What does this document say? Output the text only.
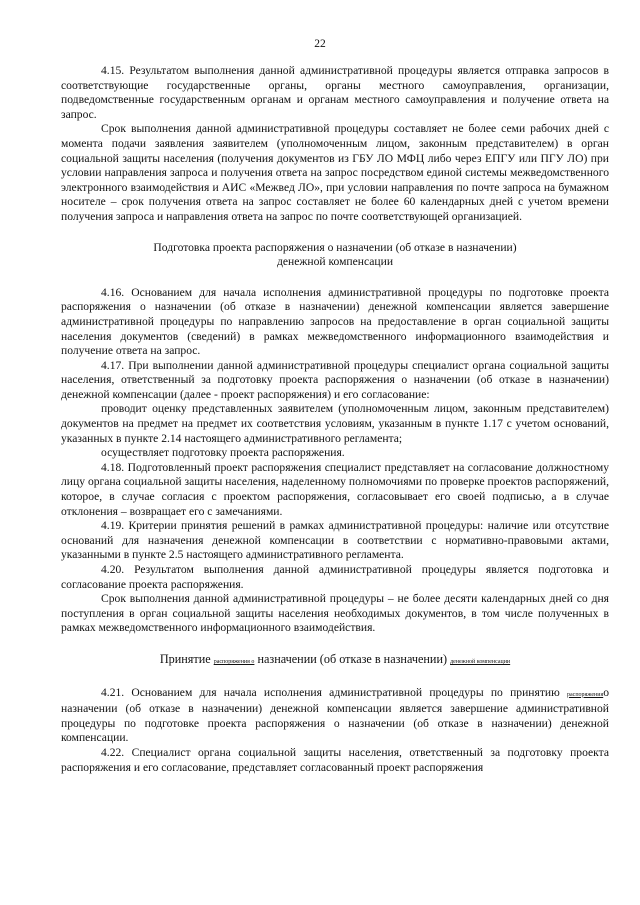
22

4.15. Результатом выполнения данной административной процедуры является отправка запросов в соответствующие государственные органы, органы местного самоуправления, организации, подведомственные государственным органам и органам местного самоуправления и получение ответа на запрос.

Срок выполнения данной административной процедуры составляет не более семи рабочих дней с момента подачи заявления заявителем (уполномоченным лицом, законным представителем) в орган социальной защиты населения (получения документов из ГБУ ЛО МФЦ либо через ЕПГУ или ПГУ ЛО) при условии направления запроса и получения ответа на запрос посредством единой системы межведомственного электронного взаимодействия и АИС «Межвед ЛО», при условии направления по почте запроса на бумажном носителе – срок получения ответа на запрос составляет не более 60 календарных дней с учетом времени получения запроса и направления ответа на запрос по почте соответствующей организацией.

Подготовка проекта распоряжения о назначении (об отказе в назначении)

денежной компенсации

4.16. Основанием для начала исполнения административной процедуры по подготовке проекта распоряжения о назначении (об отказе в назначении) денежной компенсации является завершение административной процедуры по направлению запросов на предоставление в орган социальной защиты населения документов (сведений) в рамках межведомственного информационного взаимодействия и получение ответа на запрос.

4.17. При выполнении данной административной процедуры специалист органа социальной защиты населения, ответственный за подготовку проекта распоряжения о назначении (об отказе в назначении) денежной компенсации (далее - проект распоряжения) и его согласование:

проводит оценку представленных заявителем (уполномоченным лицом, законным представителем) документов на предмет на предмет их соответствия условиям, указанным в пункте 1.17 с учетом оснований, указанных в пункте 2.14 настоящего административного регламента;

осуществляет подготовку проекта распоряжения.

4.18. Подготовленный проект распоряжения специалист представляет на согласование должностному лицу органа социальной защиты населения, наделенному полномочиями по проверке проектов распоряжений, которое, в случае согласия с проектом распоряжения, согласовывает его своей подписью, а в случае отклонения – возвращает его с замечаниями.

4.19. Критерии принятия решений в рамках административной процедуры: наличие или отсутствие оснований для назначения денежной компенсации в соответствии с нормативно-правовыми актами, указанными в пункте 2.5 настоящего административного регламента.

4.20. Результатом выполнения данной административной процедуры является подготовка и согласование проекта распоряжения.

Срок выполнения данной административной процедуры – не более десяти календарных дней со дня поступления в орган социальной защиты населения необходимых документов, в том числе полученных в рамках межведомственного информационного взаимодействия.

Принятие распоряжения о назначении (об отказе в назначении) денежной компенсации

4.21. Основанием для начала исполнения административной процедуры по принятию распоряженияо назначении (об отказе в назначении) денежной компенсации является завершение административной процедуры по подготовке проекта распоряжения о назначении (об отказе в назначении) денежной компенсации.

4.22. Специалист органа социальной защиты населения, ответственный за подготовку проекта распоряжения и его согласование, представляет согласованный проект распоряжения
